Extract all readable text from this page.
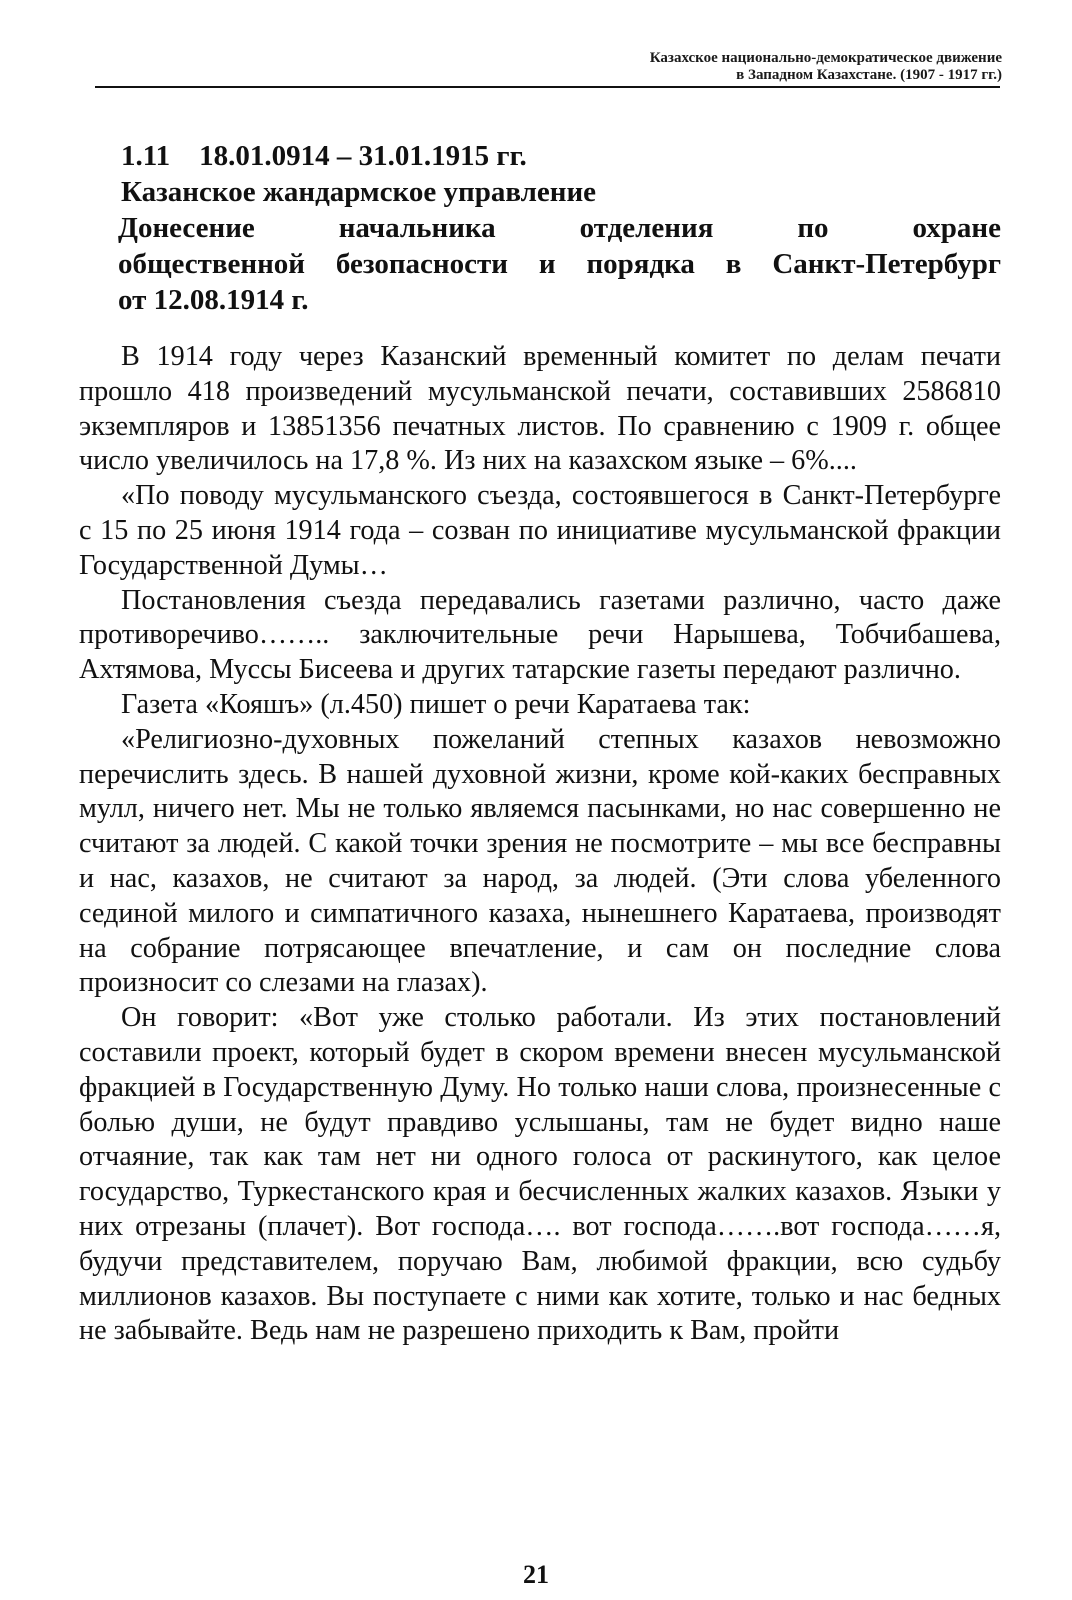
Казахское национально-демократическое движение
в Западном Казахстане. (1907 - 1917 гг.)
1.11    18.01.0914 – 31.01.1915 гг.
Казанское жандармское управление
Донесение начальника отделения по охране
общественной безопасности и порядка в Санкт-Петербург
от 12.08.1914 г.

В 1914 году через Казанский временный комитет по делам печати прошло 418 произведений мусульманской печати, составивших 2586810 экземпляров и 13851356 печатных листов. По сравнению с 1909 г. общее число увеличилось на 17,8 %. Из них на казахском языке – 6%....

«По поводу мусульманского съезда, состоявшегося в Санкт-Петербурге с 15 по 25 июня 1914 года – созван по инициативе мусульманской фракции Государственной Думы…

Постановления съезда передавались газетами различно, часто даже противоречиво…….. заключительные речи Нарышева, Тобчибашева, Ахтямова, Муссы Бисеева и других татарские газеты передают различно.

Газета «Кояшъ» (л.450) пишет о речи Каратаева так:

«Религиозно-духовных пожеланий степных казахов невозможно перечислить здесь. В нашей духовной жизни, кроме кой-каких бесправных мулл, ничего нет. Мы не только являемся пасынками, но нас совершенно не считают за людей. С какой точки зрения не посмотрите – мы все бесправны и нас, казахов, не считают за народ, за людей. (Эти слова убеленного сединой милого и симпатичного казаха, нынешнего Каратаева, производят на собрание потрясающее впечатление, и сам он последние слова произносит со слезами на глазах).

Он говорит: «Вот уже столько работали. Из этих постановлений составили проект, который будет в скором времени внесен мусульманской фракцией в Государственную Думу. Но только наши слова, произнесенные с болью души, не будут правдиво услышаны, там не будет видно наше отчаяние, так как там нет ни одного голоса от раскинутого, как целое государство, Туркестанского края и бесчисленных жалких казахов. Языки у них отрезаны (плачет). Вот господа…. вот господа…….вот господа……я, будучи представителем, поручаю Вам, любимой фракции, всю судьбу миллионов казахов. Вы поступаете с ними как хотите, только и нас бедных не забывайте. Ведь нам не разрешено приходить к Вам, пройти

21
